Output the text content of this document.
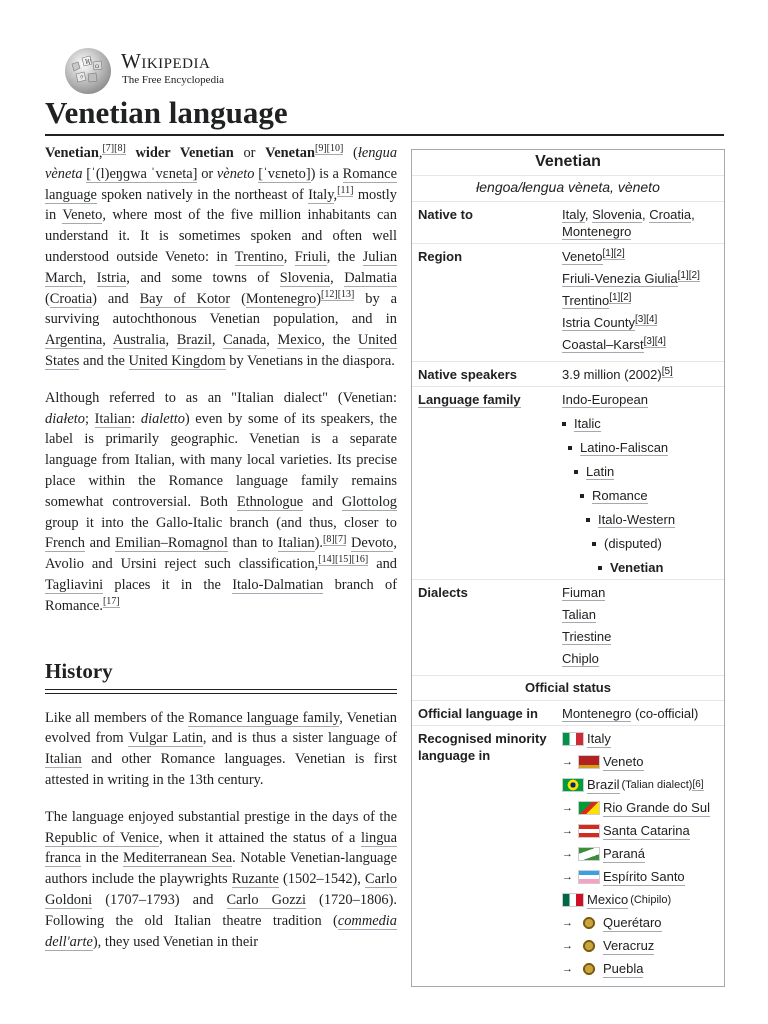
W
Ω
ウ
Wikipedia
The Free Encyclopedia
Venetian language

Venetian,[7][8] wider Venetian or Venetan[9][10] (łengua vèneta [ˈ(l)eŋɡwa ˈvɛneta] or vèneto [ˈvɛneto]) is a Romance language spoken natively in the northeast of Italy,[11] mostly in Veneto, where most of the five million inhabitants can understand it. It is sometimes spoken and often well understood outside Veneto: in Trentino, Friuli, the Julian March, Istria, and some towns of Slovenia, Dalmatia (Croatia) and Bay of Kotor (Montenegro)[12][13] by a surviving autochthonous Venetian population, and in Argentina, Australia, Brazil, Canada, Mexico, the United States and the United Kingdom by Venetians in the diaspora.

Although referred to as an "Italian dialect" (Venetian: diałeto; Italian: dialetto) even by some of its speakers, the label is primarily geographic. Venetian is a separate language from Italian, with many local varieties. Its precise place within the Romance language family remains somewhat controversial. Both Ethnologue and Glottolog group it into the Gallo-Italic branch (and thus, closer to French and Emilian–Romagnol than to Italian).[8][7] Devoto, Avolio and Ursini reject such classification,[14][15][16] and Tagliavini places it in the Italo-Dalmatian branch of Romance.[17]

History

Like all members of the Romance language family, Venetian evolved from Vulgar Latin, and is thus a sister language of Italian and other Romance languages. Venetian is first attested in writing in the 13th century.

The language enjoyed substantial prestige in the days of the Republic of Venice, when it attained the status of a lingua franca in the Mediterranean Sea. Notable Venetian-language authors include the playwrights Ruzante (1502–1542), Carlo Goldoni (1707–1793) and Carlo Gozzi (1720–1806). Following the old Italian theatre tradition (commedia dell'arte), they used Venetian in their

Venetian
łengoa/łengua vèneta, vèneto
Native to	Italy, Slovenia, Croatia, Montenegro
Region	Veneto[1][2]
Friuli-Venezia Giulia[1][2]
Trentino[1][2]
Istria County[3][4]
Coastal–Karst[3][4]
Native speakers	3.9 million (2002)[5]
Language family	Indo-European
Italic
Latino-Faliscan
Latin
Romance
Italo-Western
(disputed)
Venetian
Dialects	Fiuman
Talian
Triestine
Chiplo
Official status
Official language in	Montenegro (co-official)
Recognised minority language in
Italy
→	Veneto
Brazil (Talian dialect) [6]
→	Rio Grande do Sul
→	Santa Catarina
→	Paraná
→	Espírito Santo
Mexico (Chipilo)
→	Querétaro
→	Veracruz
→	Puebla
